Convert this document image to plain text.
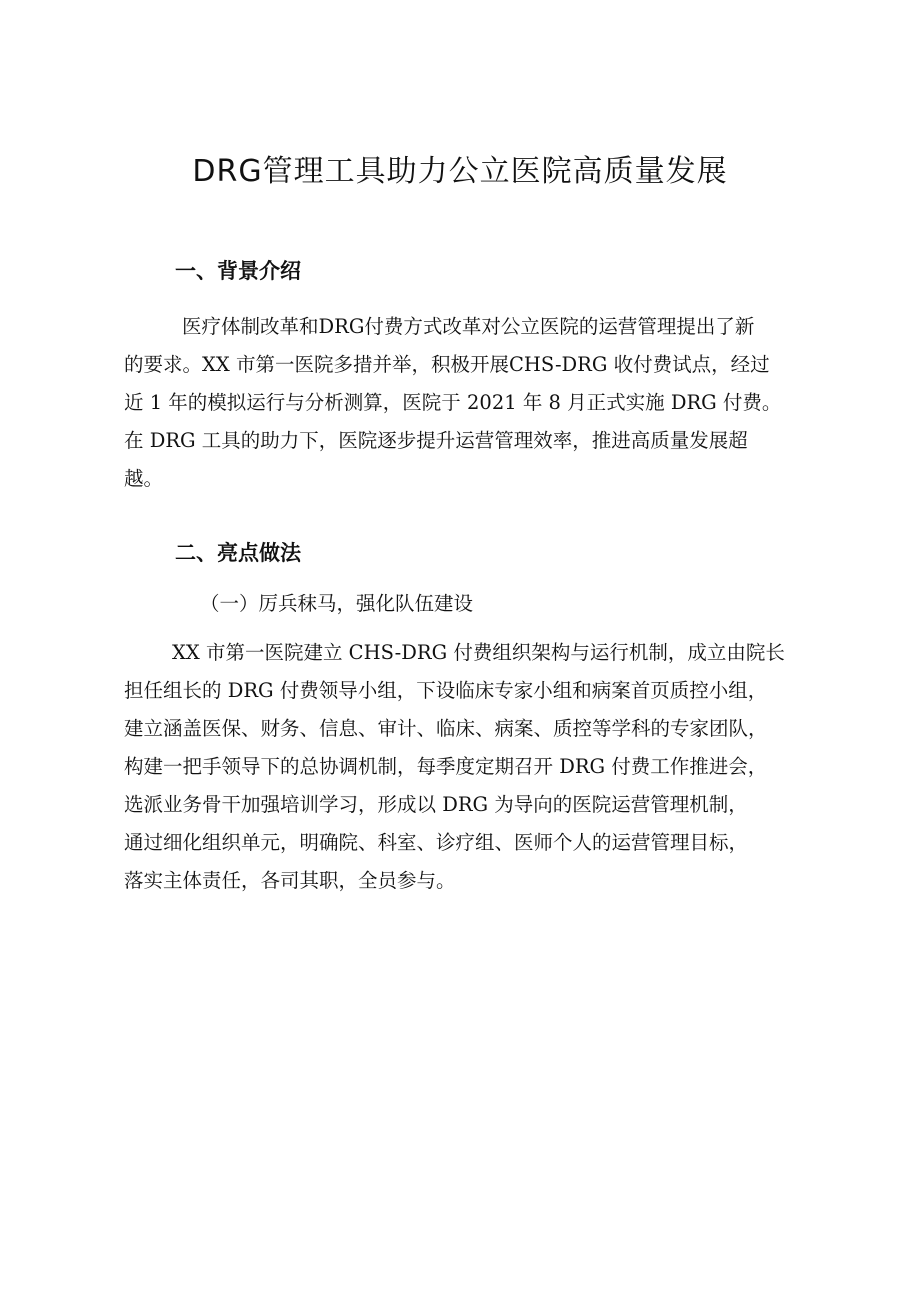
DRG管理工具助力公立医院高质量发展
一、背景介绍
医疗体制改革和DRG付费方式改革对公立医院的运营管理提出了新
的要求。XX 市第一医院多措并举，积极开展CHS-DRG 收付费试点，经过
近 1 年的模拟运行与分析测算，医院于 2021 年 8 月正式实施 DRG 付费。
在 DRG 工具的助力下，医院逐步提升运营管理效率，推进高质量发展超
越。
二、亮点做法
（一）厉兵秣马，强化队伍建设
XX 市第一医院建立 CHS-DRG 付费组织架构与运行机制，成立由院长
担任组长的 DRG 付费领导小组，下设临床专家小组和病案首页质控小组，
建立涵盖医保、财务、信息、审计、临床、病案、质控等学科的专家团队，
构建一把手领导下的总协调机制，每季度定期召开 DRG 付费工作推进会，
选派业务骨干加强培训学习，形成以 DRG 为导向的医院运营管理机制，
通过细化组织单元，明确院、科室、诊疗组、医师个人的运营管理目标，
落实主体责任，各司其职，全员参与。
